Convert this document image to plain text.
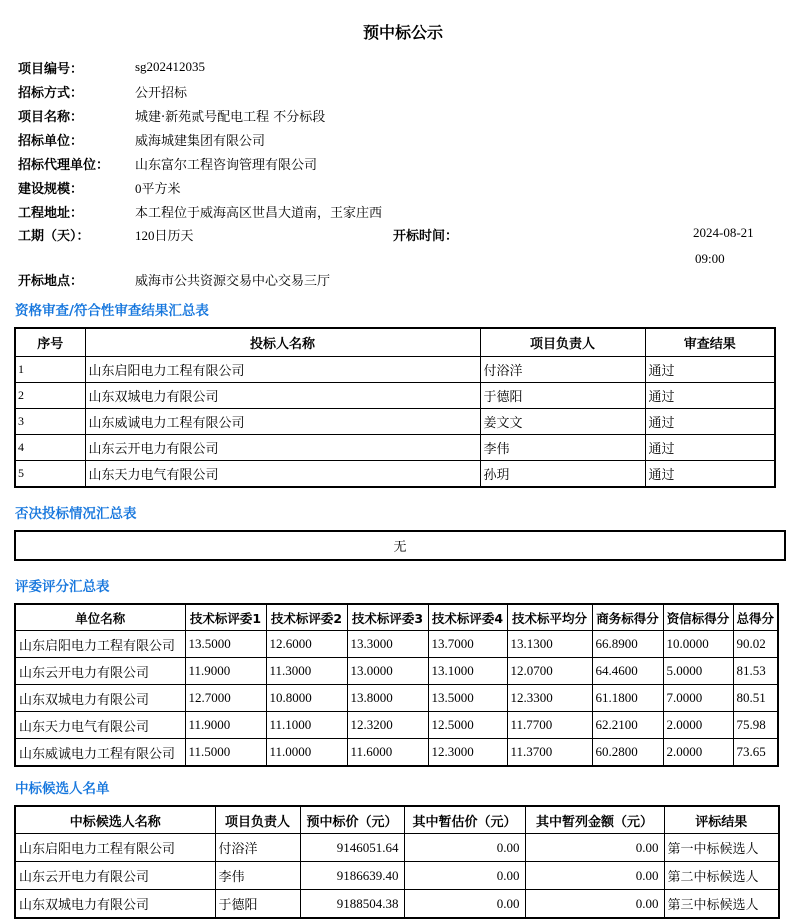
预中标公示
项目编号：	sg202412035
招标方式：	公开招标
项目名称：	城建·新苑贰号配电工程 不分标段
招标单位：	威海城建集团有限公司
招标代理单位：	山东富尔工程咨询管理有限公司
建设规模：	0平方米
工程地址：	本工程位于威海高区世昌大道南，王家庄西
工期（天）：	120日历天	开标时间：	2024-08-21
09:00
开标地点：	威海市公共资源交易中心交易三厅
资格审查/符合性审查结果汇总表
序号	投标人名称	项目负责人	审查结果
1	山东启阳电力工程有限公司	付浴洋	通过
2	山东双城电力有限公司	于德阳	通过
3	山东威诚电力工程有限公司	姜文文	通过
4	山东云开电力有限公司	李伟	通过
5	山东天力电气有限公司	孙玥	通过
否决投标情况汇总表
无
评委评分汇总表
单位名称	技术标评委1	技术标评委2	技术标评委3	技术标评委4	技术标平均分	商务标得分	资信标得分	总得分
山东启阳电力工程有限公司	13.5000	12.6000	13.3000	13.7000	13.1300	66.8900	10.0000	90.02
山东云开电力有限公司	11.9000	11.3000	13.0000	13.1000	12.0700	64.4600	5.0000	81.53
山东双城电力有限公司	12.7000	10.8000	13.8000	13.5000	12.3300	61.1800	7.0000	80.51
山东天力电气有限公司	11.9000	11.1000	12.3200	12.5000	11.7700	62.2100	2.0000	75.98
山东威诚电力工程有限公司	11.5000	11.0000	11.6000	12.3000	11.3700	60.2800	2.0000	73.65
中标候选人名单
中标候选人名称	项目负责人	预中标价（元）	其中暂估价（元）	其中暂列金额（元）	评标结果
山东启阳电力工程有限公司	付浴洋	9146051.64	0.00	0.00	第一中标候选人
山东云开电力有限公司	李伟	9186639.40	0.00	0.00	第二中标候选人
山东双城电力有限公司	于德阳	9188504.38	0.00	0.00	第三中标候选人
